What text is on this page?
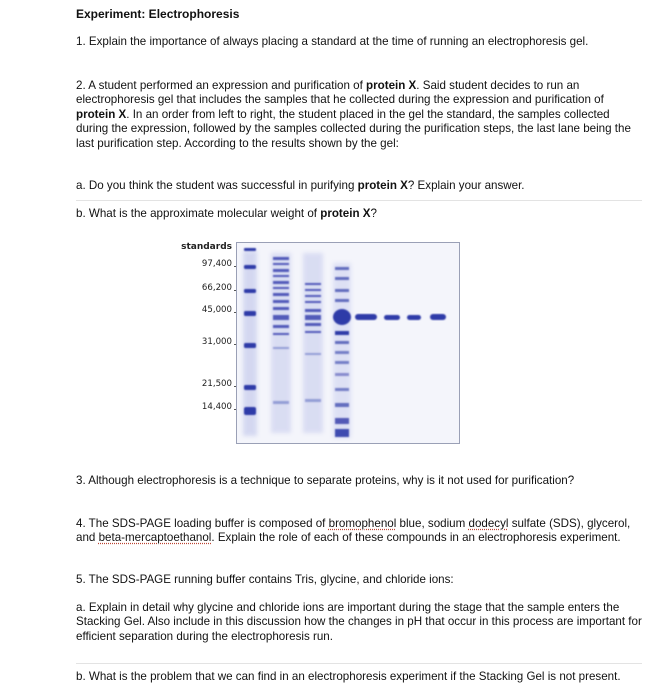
Experiment: Electrophoresis

1. Explain the importance of always placing a standard at the time of running an electrophoresis gel.

2. A student performed an expression and purification of protein X. Said student decides to run an electrophoresis gel that includes the samples that he collected during the expression and purification of protein X. In an order from left to right, the student placed in the gel the standard, the samples collected during the expression, followed by the samples collected during the purification steps, the last lane being the last purification step. According to the results shown by the gel:

a. Do you think the student was successful in purifying protein X? Explain your answer.

b. What is the approximate molecular weight of protein X?

standards
97,400
66,200
45,000
31,000
21,500
14,400

3. Although electrophoresis is a technique to separate proteins, why is it not used for purification?

4. The SDS-PAGE loading buffer is composed of bromophenol blue, sodium dodecyl sulfate (SDS), glycerol, and beta-mercaptoethanol. Explain the role of each of these compounds in an electrophoresis experiment.

5. The SDS-PAGE running buffer contains Tris, glycine, and chloride ions:

a. Explain in detail why glycine and chloride ions are important during the stage that the sample enters the Stacking Gel. Also include in this discussion how the changes in pH that occur in this process are important for efficient separation during the electrophoresis run.

b. What is the problem that we can find in an electrophoresis experiment if the Stacking Gel is not present.
